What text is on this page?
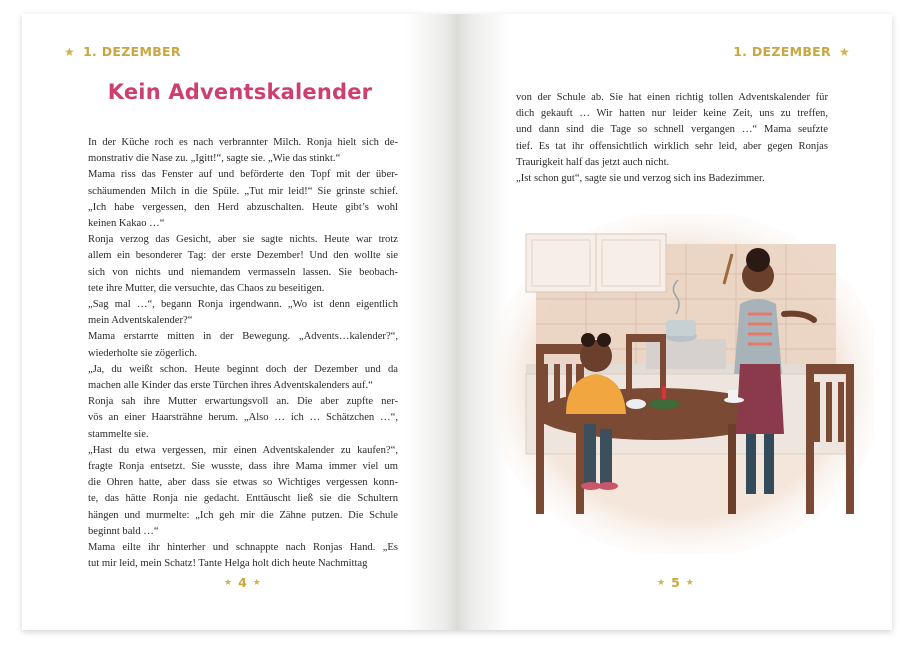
★ 1. DEZEMBER
Kein Adventskalender
In der Küche roch es nach verbrannter Milch. Ronja hielt sich de-
monstrativ die Nase zu. „Igitt!“, sagte sie. „Wie das stinkt.“
Mama riss das Fenster auf und beförderte den Topf mit der über-
schäumenden Milch in die Spüle. „Tut mir leid!“ Sie grinste schief.
„Ich habe vergessen, den Herd abzuschalten. Heute gibt’s wohl
keinen Kakao …“
Ronja verzog das Gesicht, aber sie sagte nichts. Heute war trotz
allem ein besonderer Tag: der erste Dezember! Und den wollte sie
sich von nichts und niemandem vermasseln lassen. Sie beobach-
tete ihre Mutter, die versuchte, das Chaos zu beseitigen.
„Sag mal …“, begann Ronja irgendwann. „Wo ist denn eigentlich
mein Adventskalender?“
Mama erstarrte mitten in der Bewegung. „Advents…kalender?“,
wiederholte sie zögerlich.
„Ja, du weißt schon. Heute beginnt doch der Dezember und da
machen alle Kinder das erste Türchen ihres Adventskalenders auf.“
Ronja sah ihre Mutter erwartungsvoll an. Die aber zupfte ner-
vös an einer Haarsträhne herum. „Also … ich … Schätzchen …“,
stammelte sie.
„Hast du etwa vergessen, mir einen Adventskalender zu kaufen?“,
fragte Ronja entsetzt. Sie wusste, dass ihre Mama immer viel um
die Ohren hatte, aber dass sie etwas so Wichtiges vergessen konn-
te, das hätte Ronja nie gedacht. Enttäuscht ließ sie die Schultern
hängen und murmelte: „Ich geh mir die Zähne putzen. Die Schule
beginnt bald …“
Mama eilte ihr hinterher und schnappte nach Ronjas Hand. „Es
tut mir leid, mein Schatz! Tante Helga holt dich heute Nachmittag
★ 4 ★
1. DEZEMBER ★
von der Schule ab. Sie hat einen richtig tollen Adventskalender für
dich gekauft … Wir hatten nur leider keine Zeit, uns zu treffen,
und dann sind die Tage so schnell vergangen …“ Mama seufzte
tief. Es tat ihr offensichtlich wirklich sehr leid, aber gegen Ronjas
Traurigkeit half das jetzt auch nicht.
„Ist schon gut“, sagte sie und verzog sich ins Badezimmer.
★ 5 ★
